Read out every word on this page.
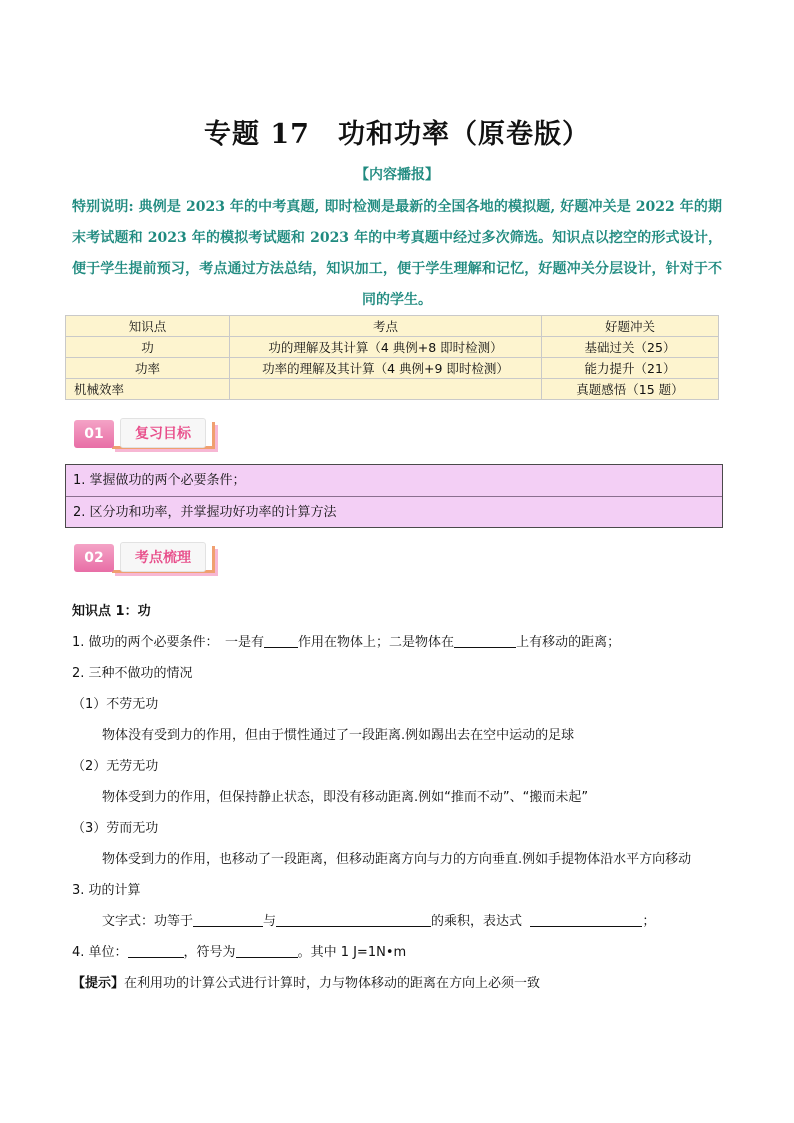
专题 17　功和功率（原卷版）
【内容播报】
特别说明: 典例是 2023 年的中考真题, 即时检测是最新的全国各地的模拟题, 好题冲关是 2022 年的期末考试题和 2023 年的模拟考试题和 2023 年的中考真题中经过多次筛选。知识点以挖空的形式设计，便于学生提前预习，考点通过方法总结，知识加工，便于学生理解和记忆，好题冲关分层设计，针对于不同的学生。
知识点	考点	好题冲关
功	功的理解及其计算（4 典例+8 即时检测）	基础过关（25）
功率	功率的理解及其计算（4 典例+9 即时检测）	能力提升（21）
机械效率		真题感悟（15 题）
01	复习目标
1. 掌握做功的两个必要条件；
2. 区分功和功率，并掌握功好功率的计算方法
02	考点梳理

知识点 1：功

1. 做功的两个必要条件：　一是有	作用在物体上；二是物体在	上有移动的距离；

2. 三种不做功的情况

（1）不劳无功

物体没有受到力的作用，但由于惯性通过了一段距离.例如踢出去在空中运动的足球

（2）无劳无功

物体受到力的作用，但保持静止状态，即没有移动距离.例如“推而不动”、“搬而未起”

（3）劳而无功

物体受到力的作用，也移动了一段距离，但移动距离方向与力的方向垂直.例如手提物体沿水平方向移动

3. 功的计算

文字式：功等于	与	的乘积，表达式	；

4. 单位：	，符号为	。其中 1 J=1N•m

【提示】在利用功的计算公式进行计算时，力与物体移动的距离在方向上必须一致
